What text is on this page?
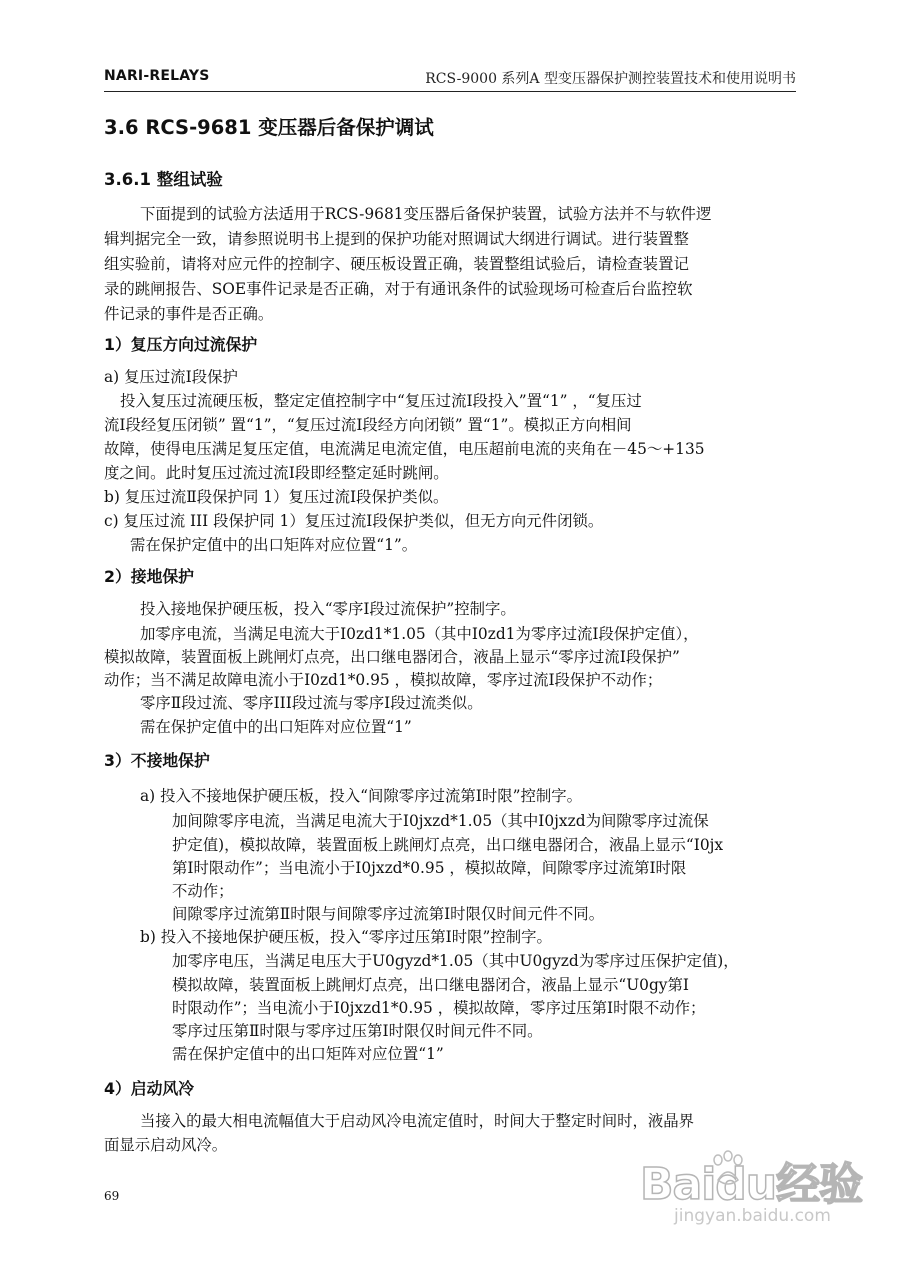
NARI-RELAYS	RCS-9000 系列A 型变压器保护测控装置技术和使用说明书
3.6 RCS-9681 变压器后备保护调试
3.6.1 整组试验
下面提到的试验方法适用于RCS-9681变压器后备保护装置，试验方法并不与软件逻
辑判据完全一致，请参照说明书上提到的保护功能对照调试大纲进行调试。进行装置整
组实验前，请将对应元件的控制字、硬压板设置正确，装置整组试验后，请检查装置记
录的跳闸报告、SOE事件记录是否正确，对于有通讯条件的试验现场可检查后台监控软
件记录的事件是否正确。
1）复压方向过流保护
a) 复压过流Ⅰ段保护
投入复压过流硬压板，整定定值控制字中“复压过流Ⅰ段投入”置“1” ，“复压过
流Ⅰ段经复压闭锁” 置“1”，“复压过流Ⅰ段经方向闭锁” 置“1”。模拟正方向相间
故障，使得电压满足复压定值，电流满足电流定值，电压超前电流的夹角在－45～+135
度之间。此时复压过流过流Ⅰ段即经整定延时跳闸。
b) 复压过流Ⅱ段保护同 1）复压过流Ⅰ段保护类似。
c) 复压过流 III 段保护同 1）复压过流Ⅰ段保护类似，但无方向元件闭锁。
需在保护定值中的出口矩阵对应位置“1”。
2）接地保护
投入接地保护硬压板，投入“零序Ⅰ段过流保护”控制字。
加零序电流，当满足电流大于I0zd1*1.05（其中I0zd1为零序过流Ⅰ段保护定值），
模拟故障，装置面板上跳闸灯点亮，出口继电器闭合，液晶上显示“零序过流Ⅰ段保护”
动作；当不满足故障电流小于I0zd1*0.95 ，模拟故障，零序过流Ⅰ段保护不动作；
零序Ⅱ段过流、零序III段过流与零序Ⅰ段过流类似。
需在保护定值中的出口矩阵对应位置“1”
3）不接地保护
a) 投入不接地保护硬压板，投入“间隙零序过流第Ⅰ时限”控制字。
加间隙零序电流，当满足电流大于I0jxzd*1.05（其中I0jxzd为间隙零序过流保
护定值)，模拟故障，装置面板上跳闸灯点亮，出口继电器闭合，液晶上显示“I0jx
第Ⅰ时限动作”；当电流小于I0jxzd*0.95 ，模拟故障，间隙零序过流第Ⅰ时限
不动作；
间隙零序过流第Ⅱ时限与间隙零序过流第Ⅰ时限仅时间元件不同。
b) 投入不接地保护硬压板，投入“零序过压第Ⅰ时限”控制字。
加零序电压，当满足电压大于U0gyzd*1.05（其中U0gyzd为零序过压保护定值)，
模拟故障，装置面板上跳闸灯点亮，出口继电器闭合，液晶上显示“U0gy第Ⅰ
时限动作”；当电流小于I0jxzd1*0.95 ，模拟故障，零序过压第Ⅰ时限不动作；
零序过压第Ⅱ时限与零序过压第Ⅰ时限仅时间元件不同。
需在保护定值中的出口矩阵对应位置“1”
4）启动风冷
当接入的最大相电流幅值大于启动风冷电流定值时，时间大于整定时间时，液晶界
面显示启动风冷。
69	Baidu经验
jingyan.baidu.com
